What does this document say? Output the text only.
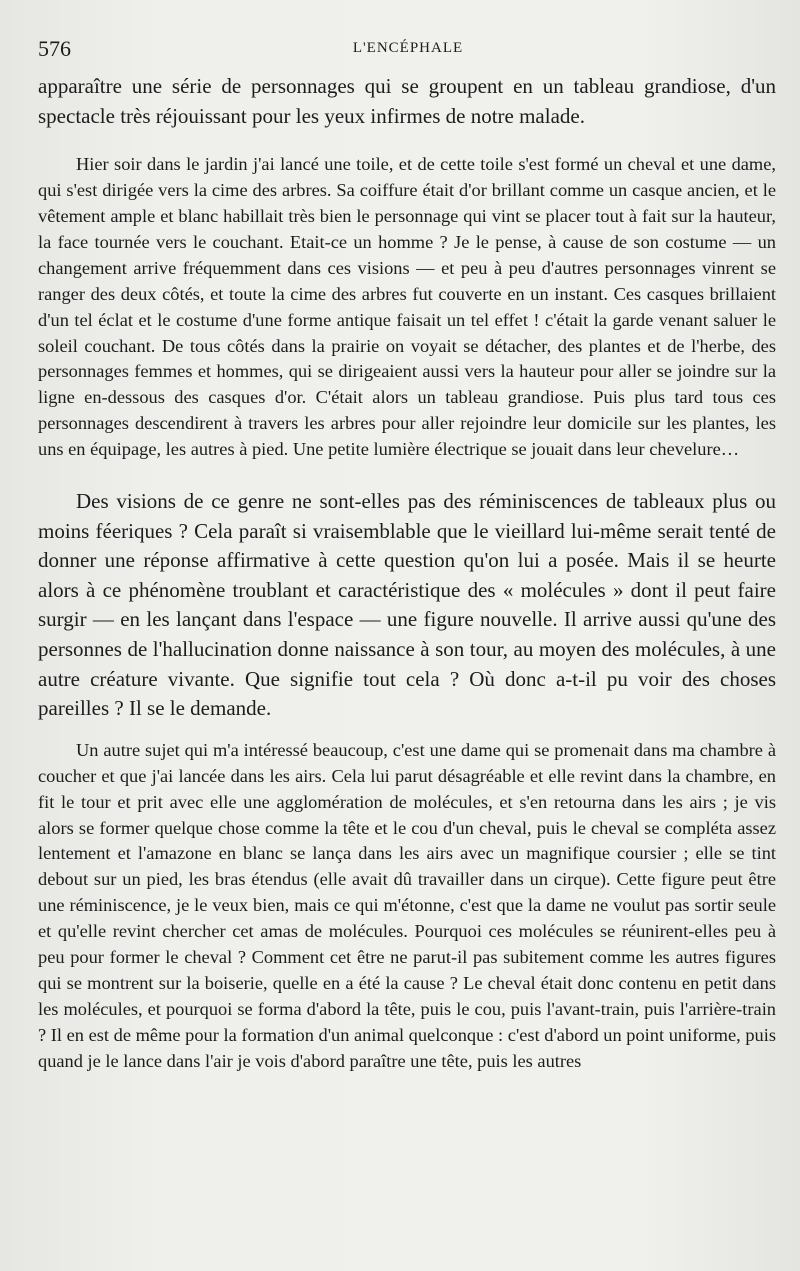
576	L'ENCÉPHALE

apparaître une série de personnages qui se groupent en un tableau grandiose, d'un spectacle très réjouissant pour les yeux infirmes de notre malade.

Hier soir dans le jardin j'ai lancé une toile, et de cette toile s'est formé un cheval et une dame, qui s'est dirigée vers la cime des arbres. Sa coiffure était d'or brillant comme un casque ancien, et le vêtement ample et blanc habillait très bien le personnage qui vint se placer tout à fait sur la hauteur, la face tournée vers le couchant. Etait-ce un homme ? Je le pense, à cause de son costume — un changement arrive fréquemment dans ces visions — et peu à peu d'autres personnages vinrent se ranger des deux côtés, et toute la cime des arbres fut couverte en un instant. Ces casques brillaient d'un tel éclat et le costume d'une forme antique faisait un tel effet ! c'était la garde venant saluer le soleil couchant. De tous côtés dans la prairie on voyait se détacher, des plantes et de l'herbe, des personnages femmes et hommes, qui se dirigeaient aussi vers la hauteur pour aller se joindre sur la ligne en-dessous des casques d'or. C'était alors un tableau grandiose. Puis plus tard tous ces personnages descendirent à travers les arbres pour aller rejoindre leur domicile sur les plantes, les uns en équipage, les autres à pied. Une petite lumière électrique se jouait dans leur chevelure…

Des visions de ce genre ne sont-elles pas des réminiscences de tableaux plus ou moins féeriques ? Cela paraît si vraisemblable que le vieillard lui-même serait tenté de donner une réponse affirmative à cette question qu'on lui a posée. Mais il se heurte alors à ce phénomène troublant et caractéristique des « molécules » dont il peut faire surgir — en les lançant dans l'espace — une figure nouvelle. Il arrive aussi qu'une des personnes de l'hallucination donne naissance à son tour, au moyen des molécules, à une autre créature vivante. Que signifie tout cela ? Où donc a-t-il pu voir des choses pareilles ? Il se le demande.

Un autre sujet qui m'a intéressé beaucoup, c'est une dame qui se promenait dans ma chambre à coucher et que j'ai lancée dans les airs. Cela lui parut désagréable et elle revint dans la chambre, en fit le tour et prit avec elle une agglomération de molécules, et s'en retourna dans les airs ; je vis alors se former quelque chose comme la tête et le cou d'un cheval, puis le cheval se compléta assez lentement et l'amazone en blanc se lança dans les airs avec un magnifique coursier ; elle se tint debout sur un pied, les bras étendus (elle avait dû travailler dans un cirque). Cette figure peut être une réminiscence, je le veux bien, mais ce qui m'étonne, c'est que la dame ne voulut pas sortir seule et qu'elle revint chercher cet amas de molécules. Pourquoi ces molécules se réunirent-elles peu à peu pour former le cheval ? Comment cet être ne parut-il pas subitement comme les autres figures qui se montrent sur la boiserie, quelle en a été la cause ? Le cheval était donc contenu en petit dans les molécules, et pourquoi se forma d'abord la tête, puis le cou, puis l'avant-train, puis l'arrière-train ? Il en est de même pour la formation d'un animal quelconque : c'est d'abord un point uniforme, puis quand je le lance dans l'air je vois d'abord paraître une tête, puis les autres
